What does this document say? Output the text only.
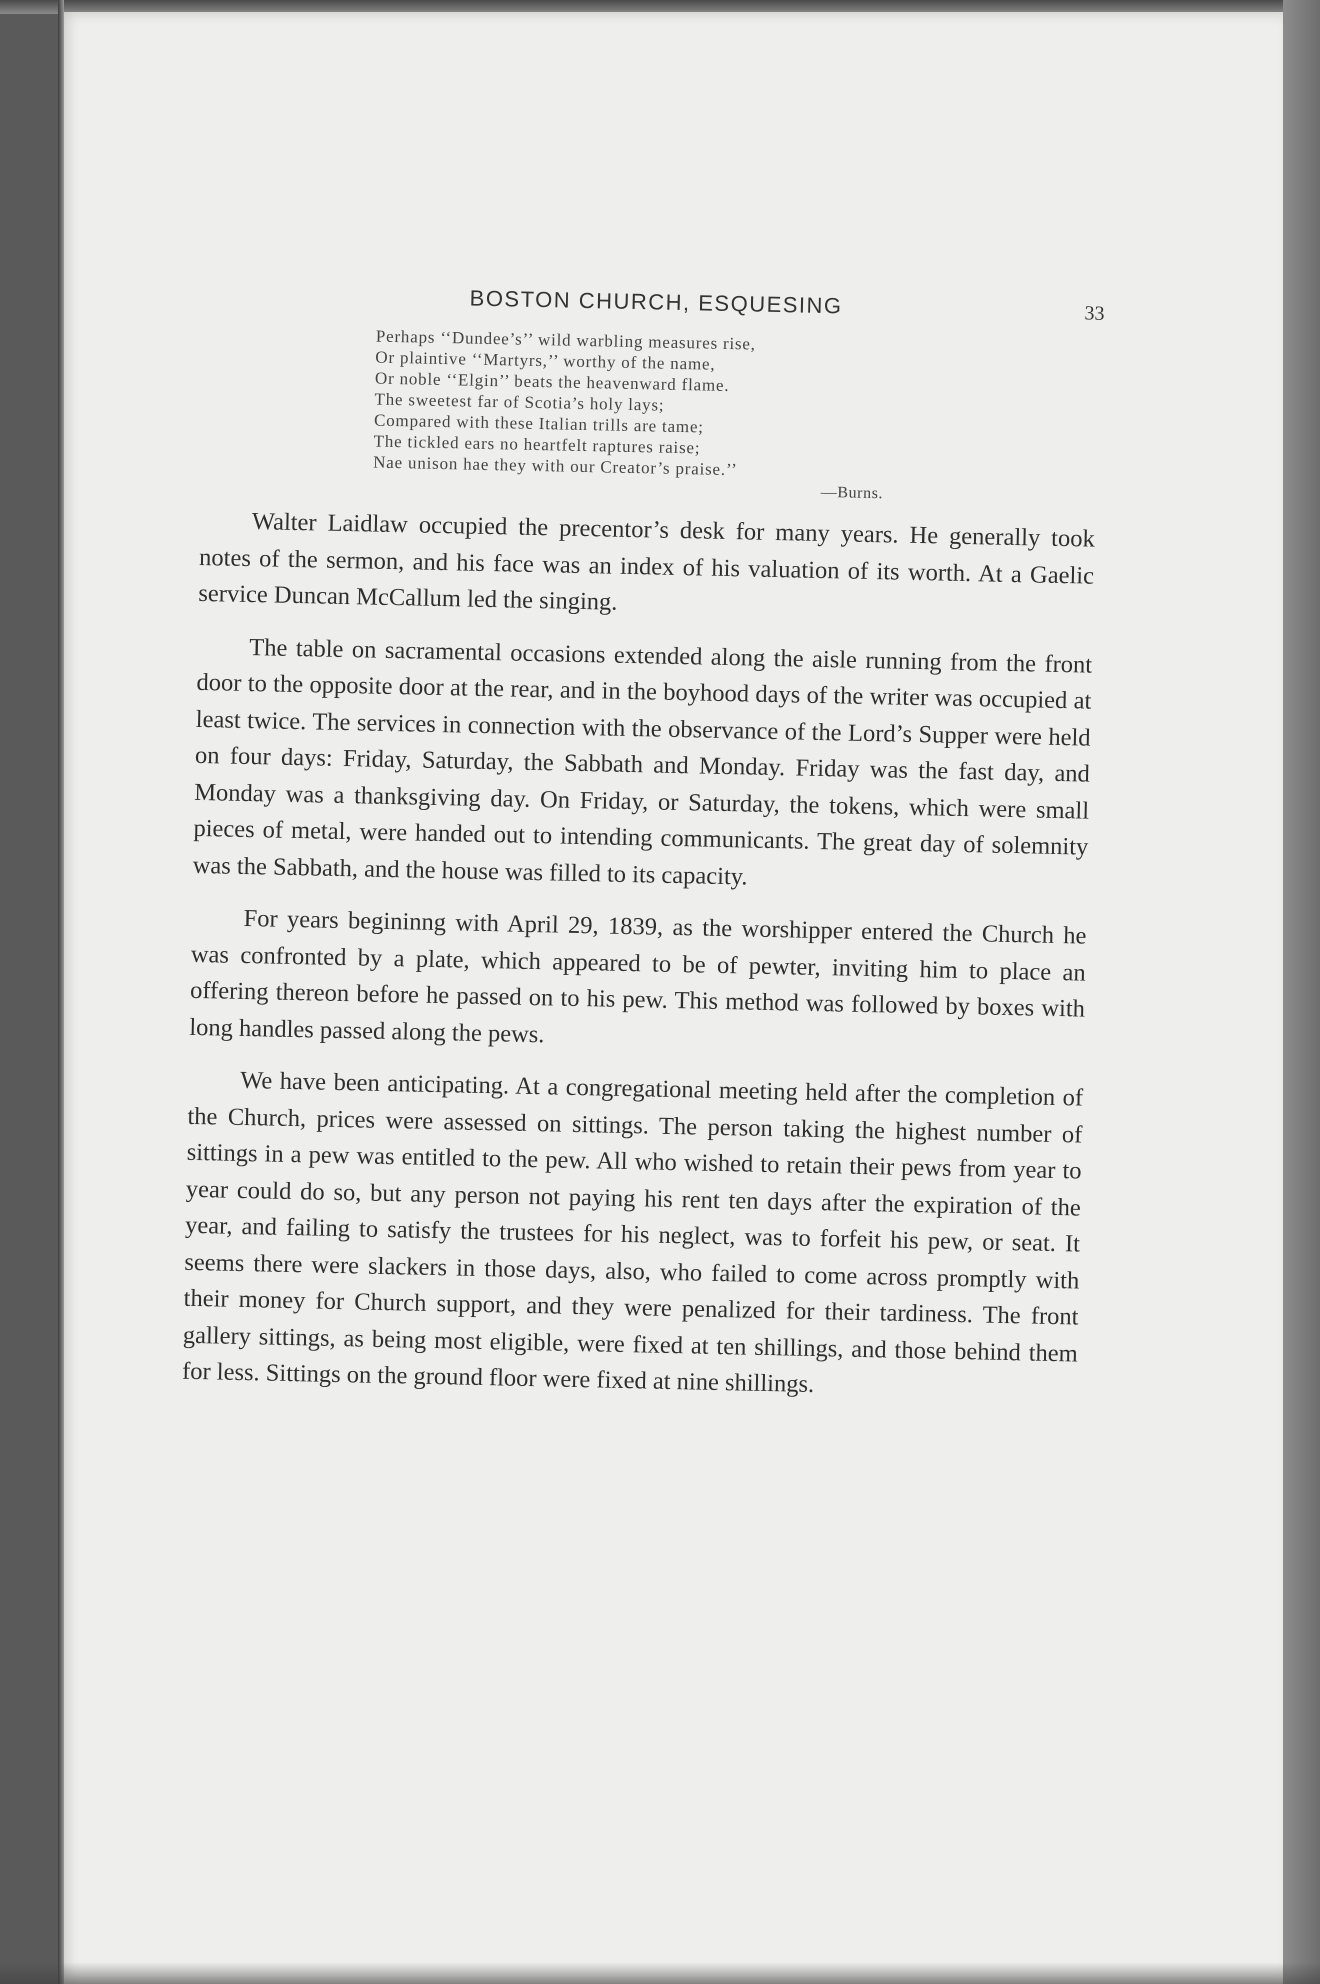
BOSTON CHURCH, ESQUESING	33
Perhaps ‘‘Dundee’s’’ wild warbling measures rise,
Or plaintive ‘‘Martyrs,’’ worthy of the name,
Or noble ‘‘Elgin’’ beats the heavenward flame.
The sweetest far of Scotia’s holy lays;
Compared with these Italian trills are tame;
The tickled ears no heartfelt raptures raise;
Nae unison hae they with our Creator’s praise.’’
—Burns.

Walter Laidlaw occupied the precentor’s desk for many years. He generally took notes of the sermon, and his face was an index of his valuation of its worth. At a Gaelic service Duncan McCallum led the singing.

The table on sacramental occasions extended along the aisle running from the front door to the opposite door at the rear, and in the boyhood days of the writer was occupied at least twice. The services in connection with the observance of the Lord’s Supper were held on four days: Friday, Saturday, the Sabbath and Monday. Friday was the fast day, and Monday was a thanksgiving day. On Friday, or Saturday, the tokens, which were small pieces of metal, were handed out to intending communicants. The great day of solemnity was the Sabbath, and the house was filled to its capacity.

For years begininng with April 29, 1839, as the worshipper entered the Church he was confronted by a plate, which appeared to be of pewter, inviting him to place an offering thereon before he passed on to his pew. This method was followed by boxes with long handles passed along the pews.

We have been anticipating. At a congregational meeting held after the completion of the Church, prices were assessed on sittings. The person taking the highest number of sittings in a pew was entitled to the pew. All who wished to retain their pews from year to year could do so, but any person not paying his rent ten days after the expiration of the year, and failing to satisfy the trustees for his neglect, was to forfeit his pew, or seat. It seems there were slackers in those days, also, who failed to come across promptly with their money for Church support, and they were penalized for their tardiness. The front gallery sittings, as being most eligible, were fixed at ten shillings, and those behind them for less. Sittings on the ground floor were fixed at nine shillings.
